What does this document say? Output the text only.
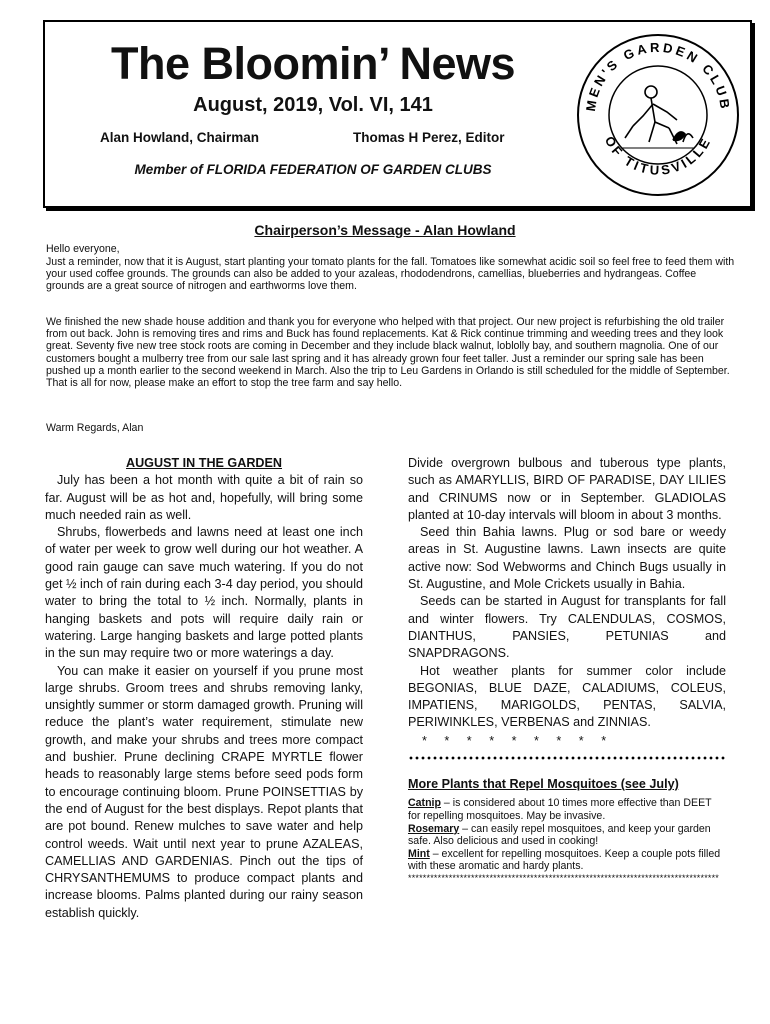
The Bloomin’ News
August, 2019, Vol. VI, 141
Alan Howland, Chairman	Thomas H Perez, Editor
Member of FLORIDA FEDERATION OF GARDEN CLUBS
MEN'S GARDEN CLUB
OF TITUSVILLE
Chairperson’s Message - Alan Howland
Hello everyone,
Just a reminder, now that it is August, start planting your tomato plants for the fall. Tomatoes like somewhat acidic soil so feel free to feed them with your used coffee grounds. The grounds can also be added to your azaleas, rhododendrons, camellias, blueberries and hydrangeas. Coffee grounds are a great source of nitrogen and earthworms love them.
We finished the new shade house addition and thank you for everyone who helped with that project. Our new project is refurbishing the old trailer from out back. John is removing tires and rims and Buck has found replacements. Kat & Rick continue trimming and weeding trees and they look great. Seventy five new tree stock roots are coming in December and they include black walnut, loblolly bay, and southern magnolia. One of our customers bought a mulberry tree from our sale last spring and it has already grown four feet taller. Just a reminder our spring sale has been pushed up a month earlier to the second weekend in March. Also the trip to Leu Gardens in Orlando is still scheduled for the middle of September. That is all for now, please make an effort to stop the tree farm and say hello.
Warm Regards, Alan
AUGUST IN THE GARDEN

July has been a hot month with quite a bit of rain so far. August will be as hot and, hopefully, will bring some much needed rain as well.

Shrubs, flowerbeds and lawns need at least one inch of water per week to grow well during our hot weather. A good rain gauge can save much watering. If you do not get ½ inch of rain during each 3-4 day period, you should water to bring the total to ½ inch. Normally, plants in hanging baskets and pots will require daily rain or watering. Large hanging baskets and large potted plants in the sun may require two or more waterings a day.

You can make it easier on yourself if you prune most large shrubs. Groom trees and shrubs removing lanky, unsightly summer or storm damaged growth. Pruning will reduce the plant’s water requirement, stimulate new growth, and make your shrubs and trees more compact and bushier. Prune declining CRAPE MYRTLE flower heads to reasonably large stems before seed pods form to encourage continuing bloom. Prune POINSETTIAS by the end of August for the best displays. Repot plants that are pot bound. Renew mulches to save water and help control weeds. Wait until next year to prune AZALEAS, CAMELLIAS AND GARDENIAS. Pinch out the tips of CHRYSANTHEMUMS to produce compact plants and increase blooms. Palms planted during our rainy season establish quickly.

Divide overgrown bulbous and tuberous type plants, such as AMARYLLIS, BIRD OF PARADISE, DAY LILIES and CRINUMS now or in September. GLADIOLAS planted at 10-day intervals will bloom in about 3 months.

Seed thin Bahia lawns. Plug or sod bare or weedy areas in St. Augustine lawns. Lawn insects are quite active now: Sod Webworms and Chinch Bugs usually in St. Augustine, and Mole Crickets usually in Bahia.

Seeds can be started in August for transplants for fall and winter flowers. Try CALENDULAS, COSMOS, DIANTHUS, PANSIES, PETUNIAS and SNAPDRAGONS.

Hot weather plants for summer color include BEGONIAS, BLUE DAZE, CALADIUMS, COLEUS, IMPATIENS, MARIGOLDS, PENTAS, SALVIA, PERIWINKLES, VERBENAS and ZINNIAS.

* * * * * * * * *
More Plants that Repel Mosquitoes (see July)
Catnip – is considered about 10 times more effective than DEET for repelling mosquitoes. May be invasive.
Rosemary – can easily repel mosquitoes, and keep your garden safe. Also delicious and used in cooking!
Mint – excellent for repelling mosquitoes. Keep a couple pots filled with these aromatic and hardy plants.
************************************************************************************
